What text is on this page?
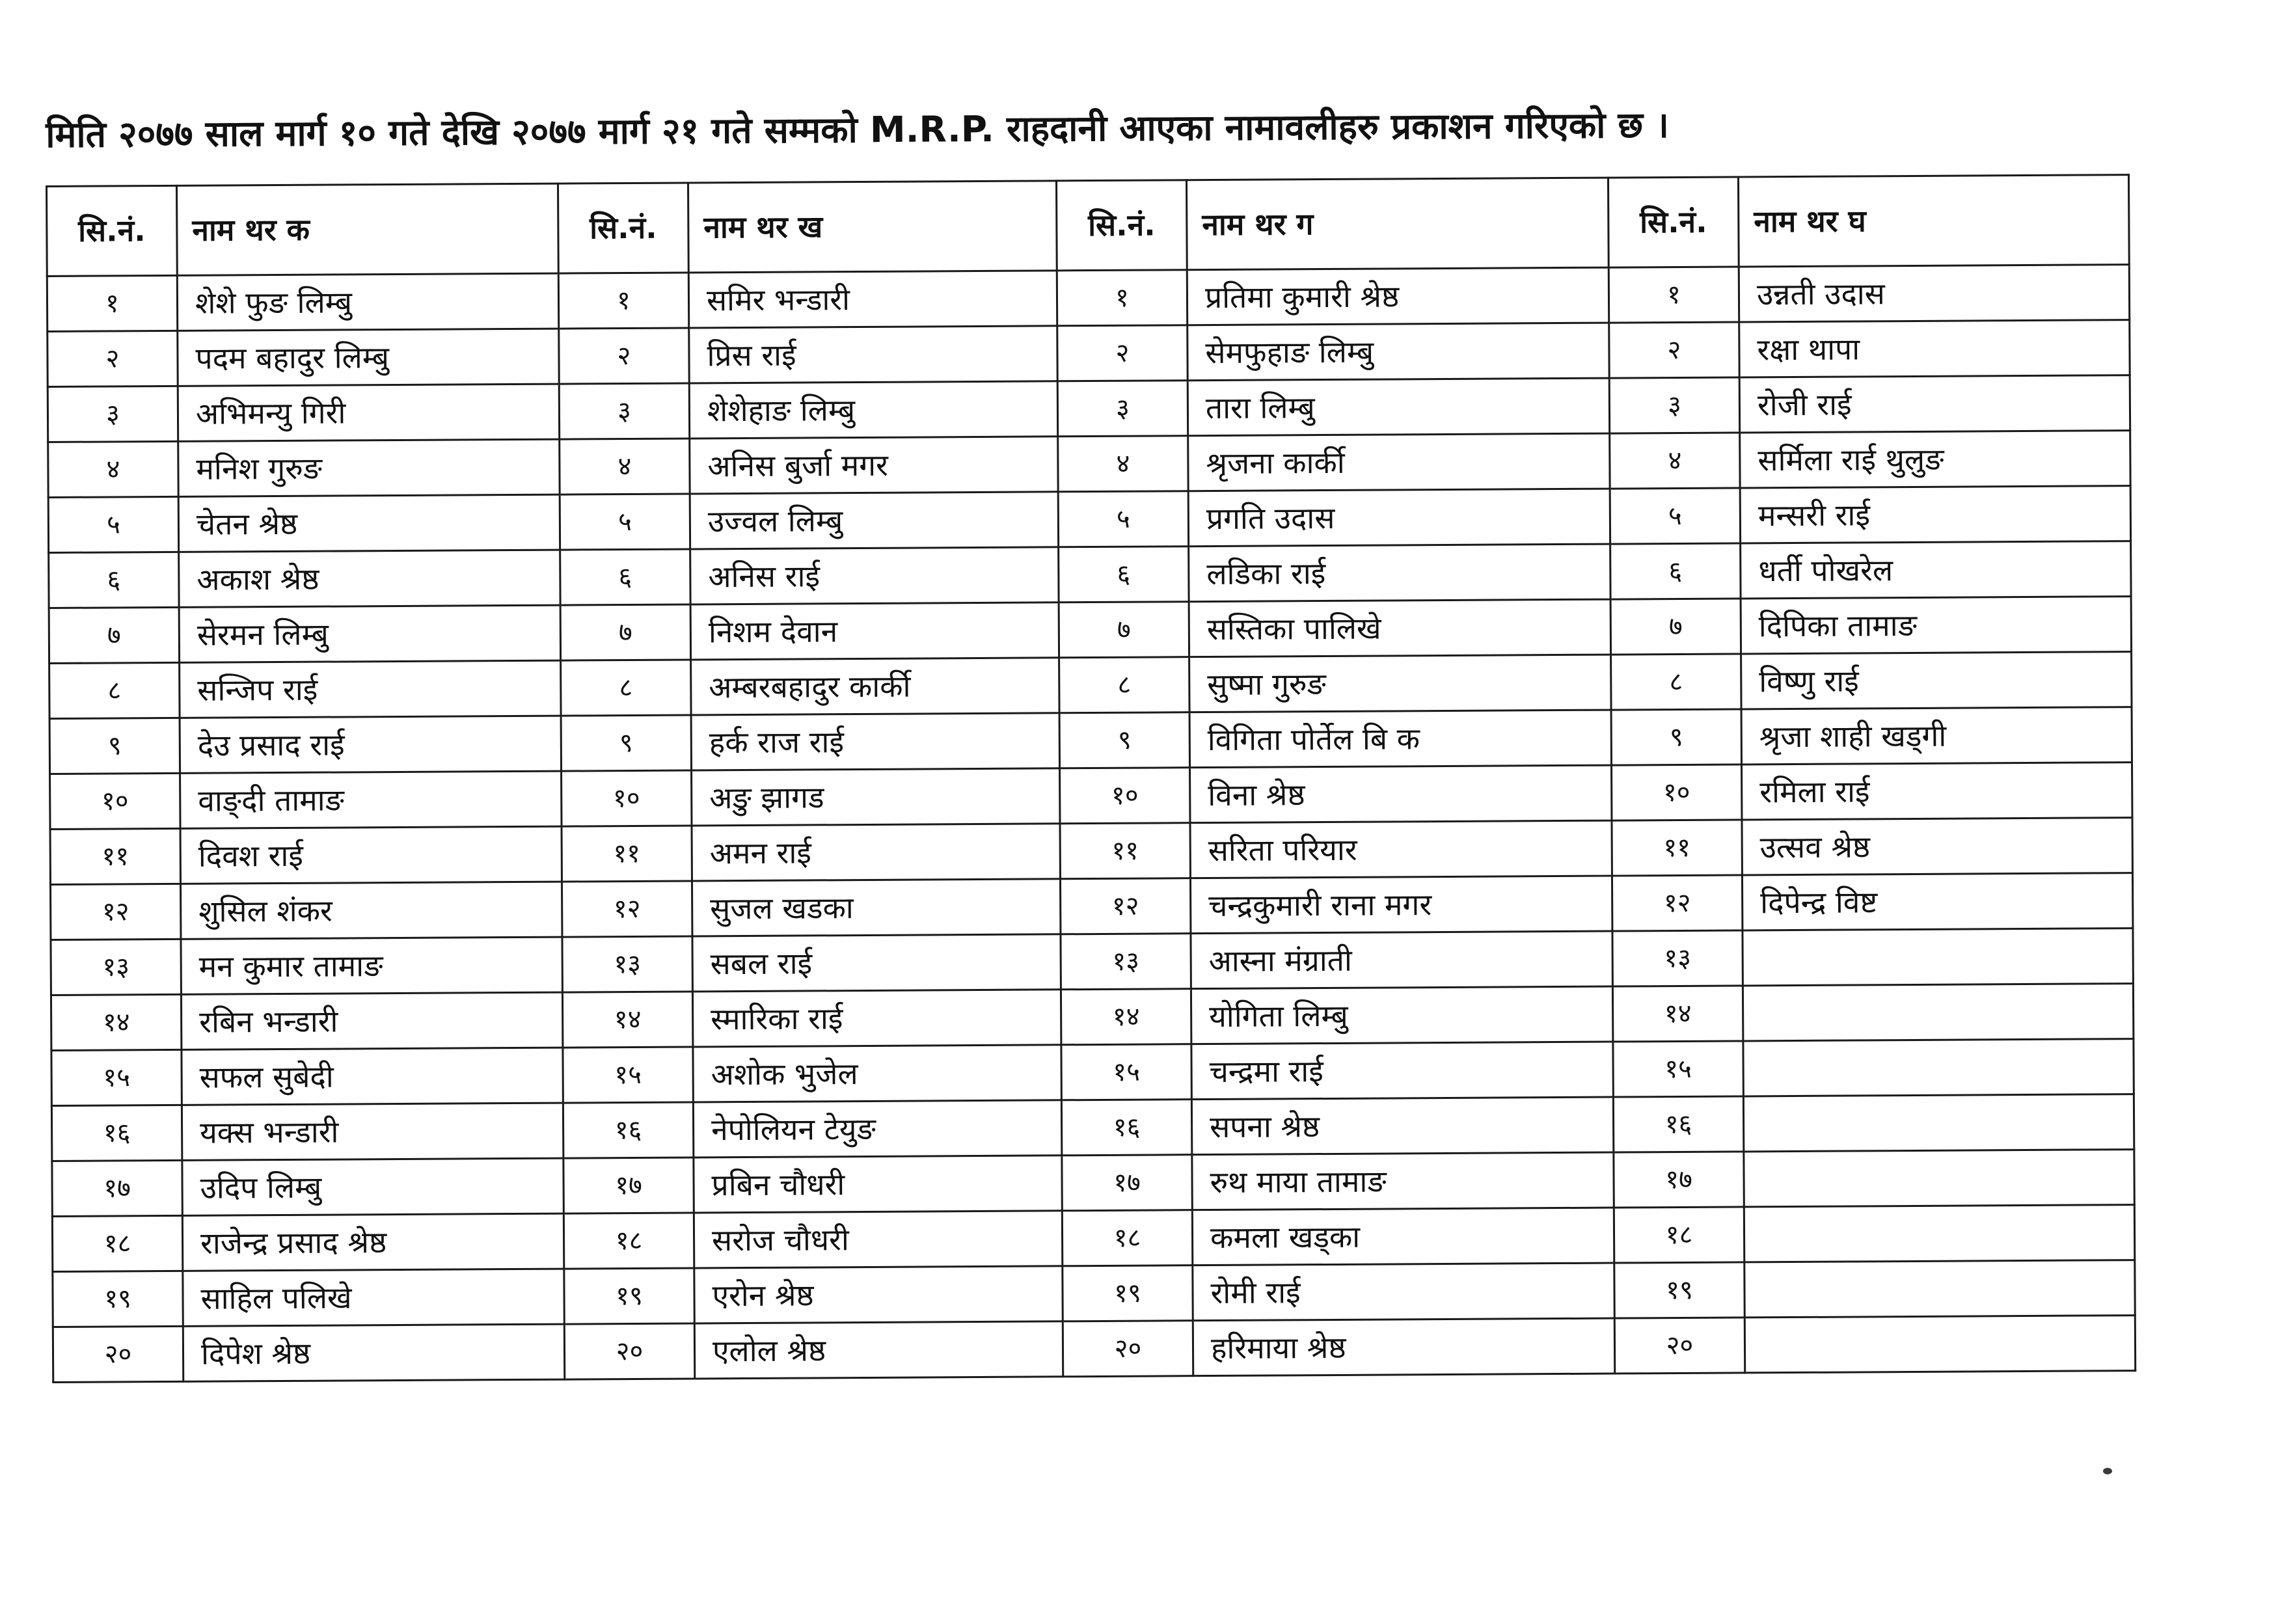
मिति २०७७ साल मार्ग १० गते देखि २०७७ मार्ग २१ गते सम्मको M.R.P. राहदानी आएका नामावलीहरु प्रकाशन गरिएको छ ।
सि.नं.	नाम थर क	सि.नं.	नाम थर ख	सि.नं.	नाम थर ग	सि.नं.	नाम थर घ
१	शेशे फुङ लिम्बु	१	समिर भन्डारी	१	प्रतिमा कुमारी श्रेष्ठ	१	उन्नती उदास
२	पदम बहादुर लिम्बु	२	प्रिस राई	२	सेमफुहाङ लिम्बु	२	रक्षा थापा
३	अभिमन्यु गिरी	३	शेशेहाङ लिम्बु	३	तारा लिम्बु	३	रोजी राई
४	मनिश गुरुङ	४	अनिस बुर्जा मगर	४	श्रृजना कार्की	४	सर्मिला राई थुलुङ
५	चेतन श्रेष्ठ	५	उज्वल लिम्बु	५	प्रगति उदास	५	मन्सरी राई
६	अकाश श्रेष्ठ	६	अनिस राई	६	लडिका राई	६	धर्ती पोखरेल
७	सेरमन लिम्बु	७	निशम देवान	७	सस्तिका पालिखे	७	दिपिका तामाङ
८	सन्जिप राई	८	अम्बरबहादुर कार्की	८	सुष्मा गुरुङ	८	विष्णु राई
९	देउ प्रसाद राई	९	हर्क राज राई	९	विगिता पोर्तेल बि क	९	श्रृजा शाही खड्गी
१०	वाङ्दी तामाङ	१०	अङु झागड	१०	विना श्रेष्ठ	१०	रमिला राई
११	दिवश राई	११	अमन राई	११	सरिता परियार	११	उत्सव श्रेष्ठ
१२	शुसिल शंकर	१२	सुजल खडका	१२	चन्द्रकुमारी राना मगर	१२	दिपेन्द्र विष्ट
१३	मन कुमार तामाङ	१३	सबल राई	१३	आस्ना मंग्राती	१३	
१४	रबिन भन्डारी	१४	स्मारिका राई	१४	योगिता लिम्बु	१४	
१५	सफल सुबेदी	१५	अशोक भुजेल	१५	चन्द्रमा राई	१५	
१६	यक्स भन्डारी	१६	नेपोलियन टेयुङ	१६	सपना श्रेष्ठ	१६	
१७	उदिप लिम्बु	१७	प्रबिन चौधरी	१७	रुथ माया तामाङ	१७	
१८	राजेन्द्र प्रसाद श्रेष्ठ	१८	सरोज चौधरी	१८	कमला खड्का	१८	
१९	साहिल पलिखे	१९	एरोन श्रेष्ठ	१९	रोमी राई	१९	
२०	दिपेश श्रेष्ठ	२०	एलोल श्रेष्ठ	२०	हरिमाया श्रेष्ठ	२०	
